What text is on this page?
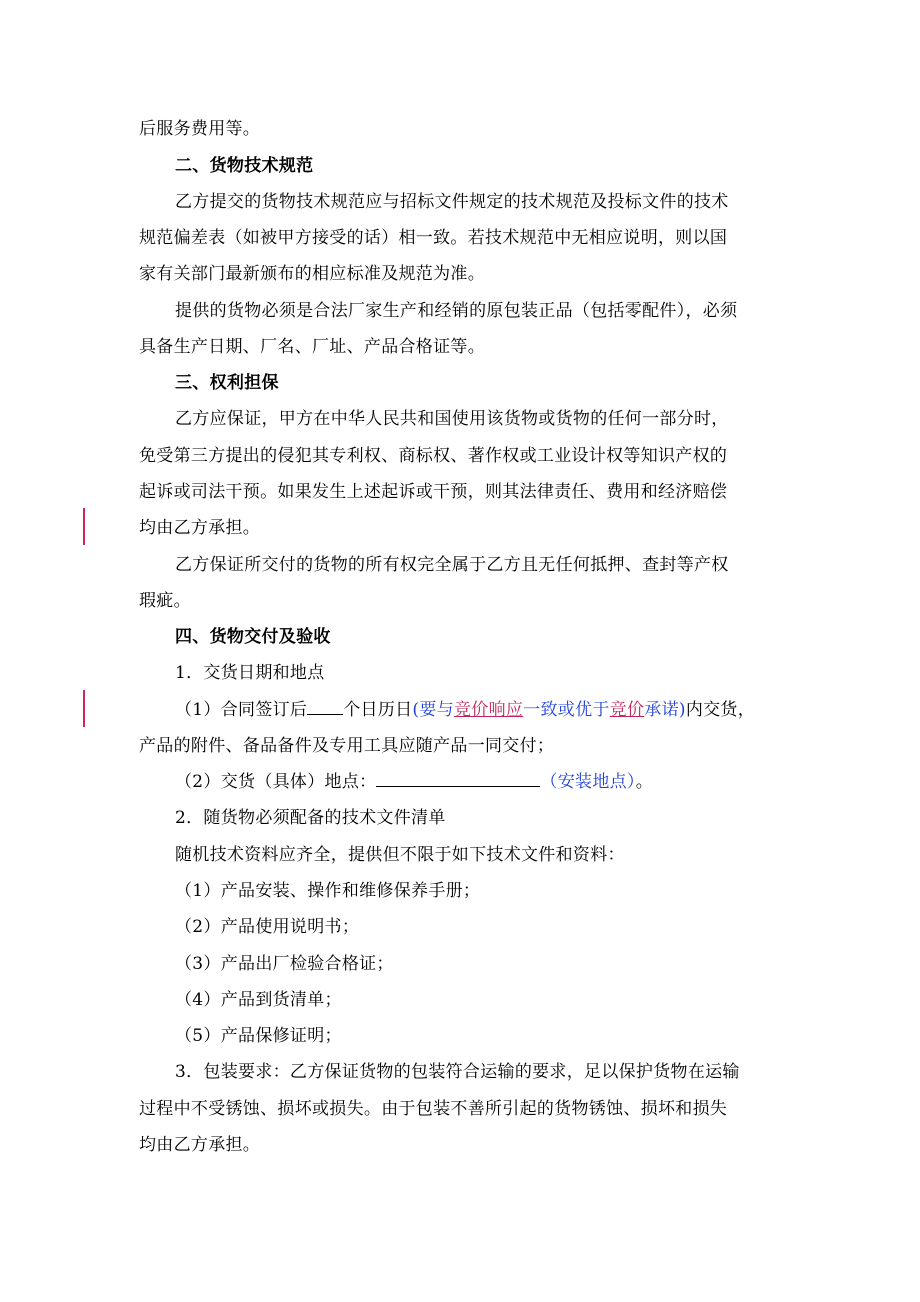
后服务费用等。
二、货物技术规范
乙方提交的货物技术规范应与招标文件规定的技术规范及投标文件的技术
规范偏差表（如被甲方接受的话）相一致。若技术规范中无相应说明，则以国
家有关部门最新颁布的相应标准及规范为准。
提供的货物必须是合法厂家生产和经销的原包装正品（包括零配件），必须
具备生产日期、厂名、厂址、产品合格证等。
三、权利担保
乙方应保证，甲方在中华人民共和国使用该货物或货物的任何一部分时，
免受第三方提出的侵犯其专利权、商标权、著作权或工业设计权等知识产权的
起诉或司法干预。如果发生上述起诉或干预，则其法律责任、费用和经济赔偿
均由乙方承担。
乙方保证所交付的货物的所有权完全属于乙方且无任何抵押、查封等产权
瑕疵。
四、货物交付及验收
1．交货日期和地点
（1）合同签订后 个日历日(要与竞价响应一致或优于竞价承诺)内交货，
产品的附件、备品备件及专用工具应随产品一同交付；
（2）交货（具体）地点：	（安装地点）。
2．随货物必须配备的技术文件清单
随机技术资料应齐全，提供但不限于如下技术文件和资料：
（1）产品安装、操作和维修保养手册；
（2）产品使用说明书；
（3）产品出厂检验合格证；
（4）产品到货清单；
（5）产品保修证明；
3．包装要求：乙方保证货物的包装符合运输的要求，足以保护货物在运输
过程中不受锈蚀、损坏或损失。由于包装不善所引起的货物锈蚀、损坏和损失
均由乙方承担。
